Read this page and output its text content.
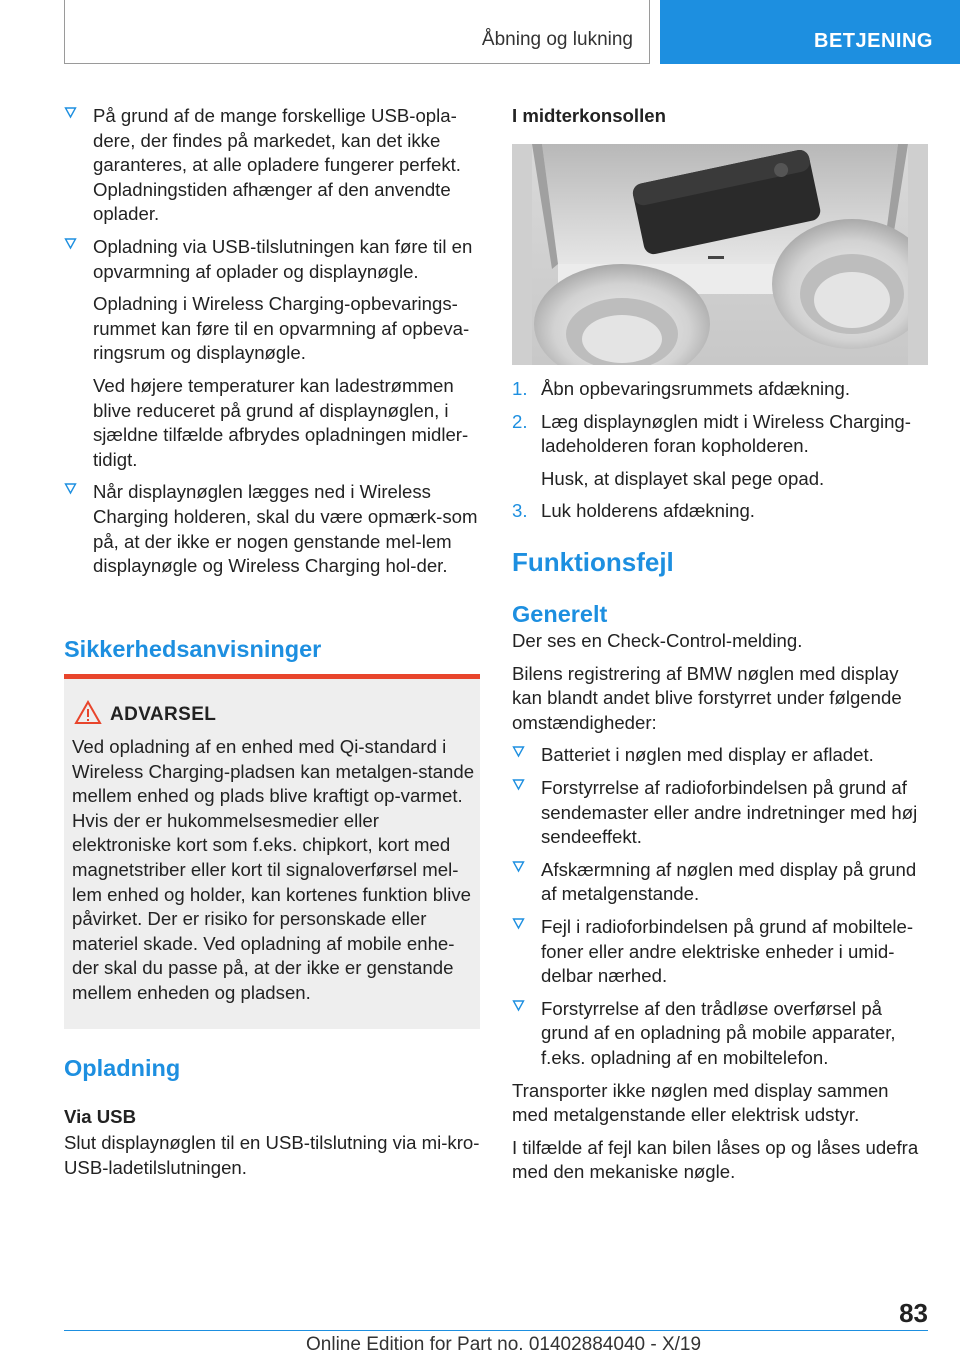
Åbning og lukning	BETJENING
På grund af de mange forskellige USB-opla-dere, der findes på markedet, kan det ikke garanteres, at alle opladere fungerer perfekt. Opladningstiden afhænger af den anvendte oplader.
Opladning via USB-tilslutningen kan føre til en opvarmning af oplader og displaynøgle.

Opladning i Wireless Charging-opbevarings-rummet kan føre til en opvarmning af opbeva-ringsrum og displaynøgle.

Ved højere temperaturer kan ladestrømmen blive reduceret på grund af displaynøglen, i sjældne tilfælde afbrydes opladningen midler-tidigt.

Når displaynøglen lægges ned i Wireless Charging holderen, skal du være opmærk-som på, at der ikke er nogen genstande mel-lem displaynøgle og Wireless Charging hol-der.
Sikkerhedsanvisninger
ADVARSEL
Ved opladning af en enhed med Qi-standard i Wireless Charging-pladsen kan metalgen-stande mellem enhed og plads blive kraftigt op-varmet. Hvis der er hukommelsesmedier eller elektroniske kort som f.eks. chipkort, kort med magnetstriber eller kort til signaloverførsel mel-lem enhed og holder, kan kortenes funktion blive påvirket. Der er risiko for personskade eller materiel skade. Ved opladning af mobile enhe-der skal du passe på, at der ikke er genstande mellem enheden og pladsen.
Opladning
Via USB

Slut displaynøglen til en USB-tilslutning via mi-kro-USB-ladetilslutningen.

I midterkonsollen
1. Åbn opbevaringsrummets afdækning.
2. Læg displaynøglen midt i Wireless Charging-ladeholderen foran kopholderen.

Husk, at displayet skal pege opad.

3. Luk holderens afdækning.
Funktionsfejl
Generelt

Der ses en Check-Control-melding.

Bilens registrering af BMW nøglen med display kan blandt andet blive forstyrret under følgende omstændigheder:

Batteriet i nøglen med display er afladet.
Forstyrrelse af radioforbindelsen på grund af sendemaster eller andre indretninger med høj sendeeffekt.
Afskærmning af nøglen med display på grund af metalgenstande.
Fejl i radioforbindelsen på grund af mobiltele-foner eller andre elektriske enheder i umid-delbar nærhed.
Forstyrrelse af den trådløse overførsel på grund af en opladning på mobile apparater, f.eks. opladning af en mobiltelefon.

Transporter ikke nøglen med display sammen med metalgenstande eller elektrisk udstyr.

I tilfælde af fejl kan bilen låses op og låses udefra med den mekaniske nøgle.

83
Online Edition for Part no. 01402884040 - X/19
